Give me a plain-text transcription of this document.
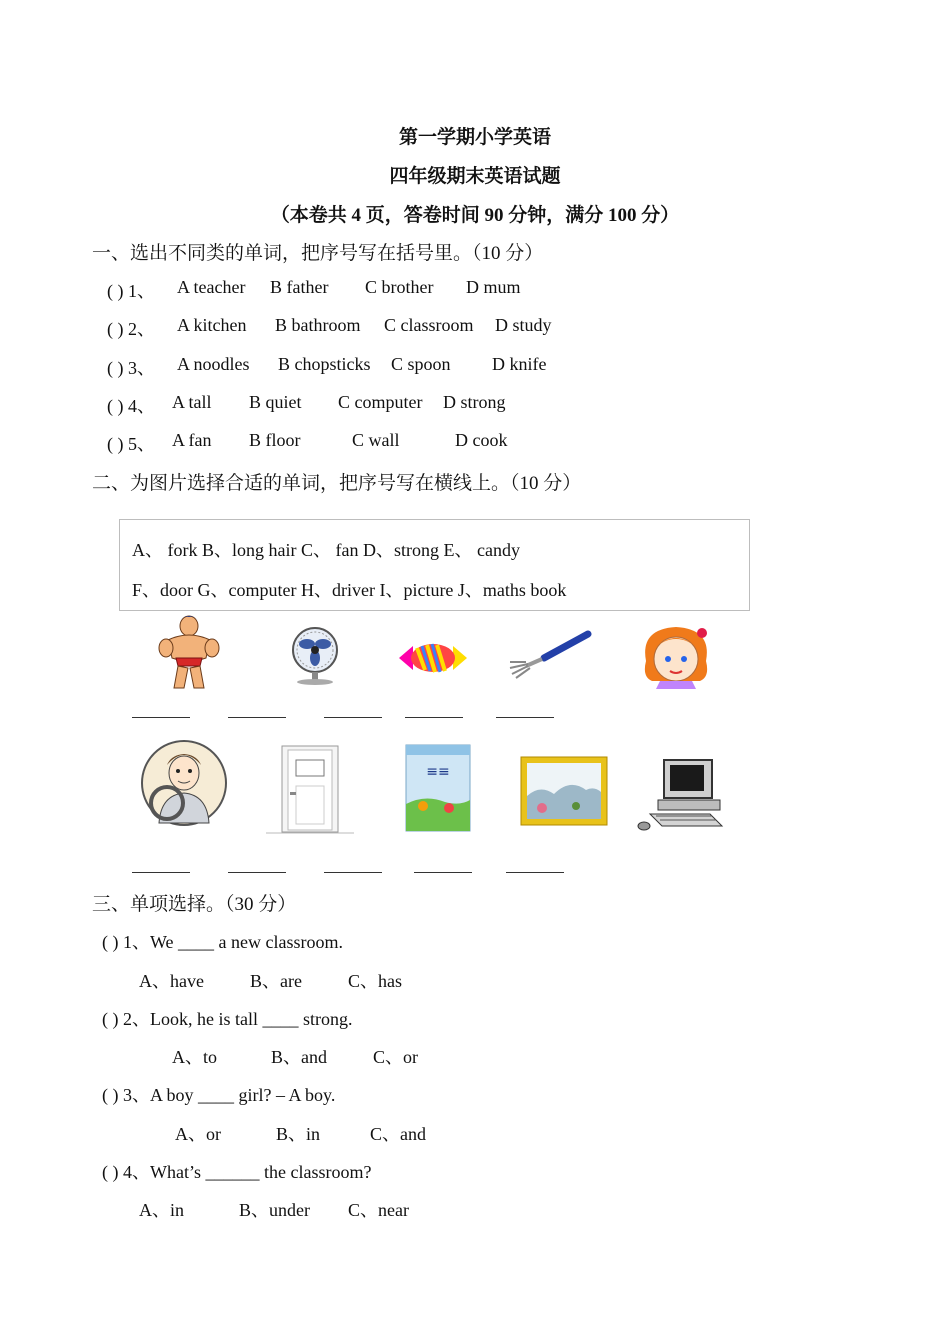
第一学期小学英语
四年级期末英语试题
（本卷共 4 页，答卷时间 90 分钟，满分 100 分）
一、选出不同类的单词，把序号写在括号里。（10 分）
( ) 1、 A teacher B father C brother D mum
( ) 2、 A kitchen B bathroom C classroom D study
( ) 3、 A noodles B chopsticks C spoon D knife
( ) 4、 A tall B quiet C computer D strong
( ) 5、 A fan B floor	C wall	D cook
二、为图片选择合适的单词，把序号写在横线上。（10 分）
A、 fork B、long hair C、 fan D、strong E、 candy
F、door G、computer H、driver I、picture J、maths book
≡≡
三、单项选择。（30 分）
( ) 1、We ____ a new classroom.
A、have	B、are	C、has
( ) 2、Look, he is tall ____ strong.
A、to	B、and	C、or
( ) 3、A boy ____ girl? – A boy.
A、or	B、in	C、and
( ) 4、What’s ______ the classroom?
A、in	B、under C、near
